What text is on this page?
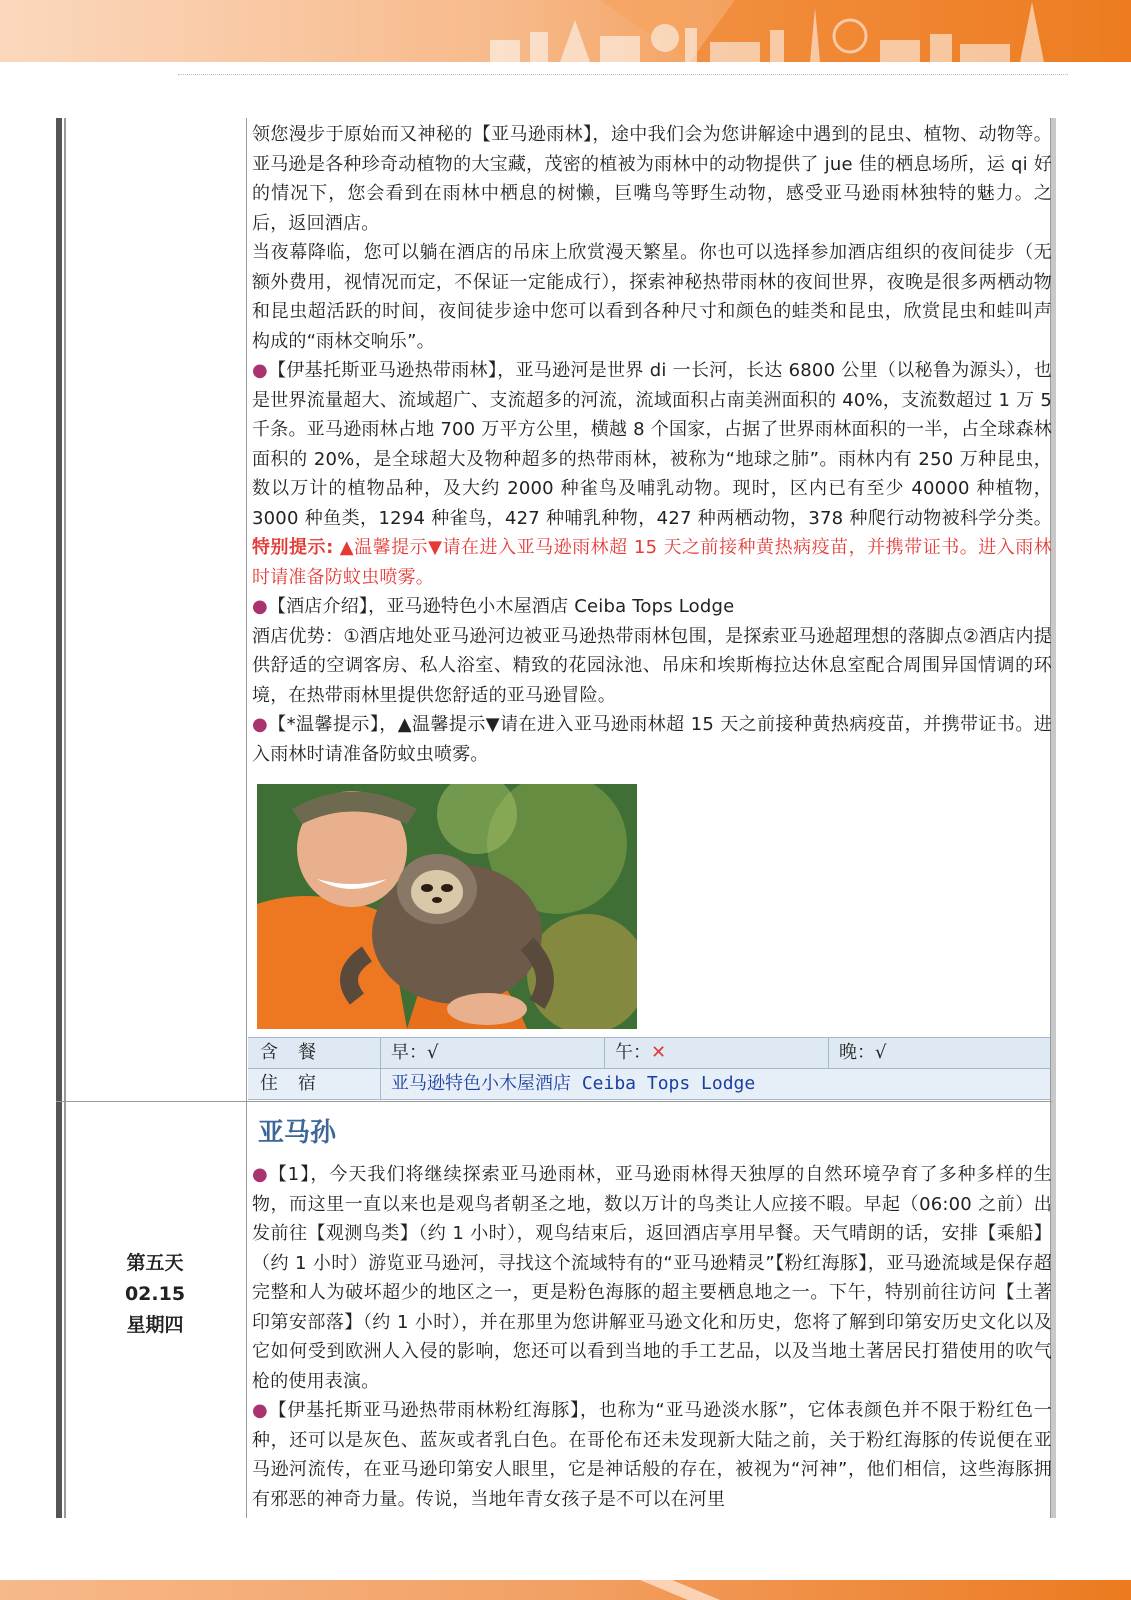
领您漫步于原始而又神秘的【亚马逊雨林】，途中我们会为您讲解途中遇到的昆虫、植物、动物等。亚马逊是各种珍奇动植物的大宝藏，茂密的植被为雨林中的动物提供了 jue 佳的栖息场所，运 qi 好的情况下，您会看到在雨林中栖息的树懒，巨嘴鸟等野生动物，感受亚马逊雨林独特的魅力。之后，返回酒店。

当夜幕降临，您可以躺在酒店的吊床上欣赏漫天繁星。你也可以选择参加酒店组织的夜间徒步（无额外费用，视情况而定，不保证一定能成行），探索神秘热带雨林的夜间世界，夜晚是很多两栖动物和昆虫超活跃的时间，夜间徒步途中您可以看到各种尺寸和颜色的蛙类和昆虫，欣赏昆虫和蛙叫声构成的“雨林交响乐”。

●【伊基托斯亚马逊热带雨林】，亚马逊河是世界 di 一长河，长达 6800 公里（以秘鲁为源头），也是世界流量超大、流域超广、支流超多的河流，流域面积占南美洲面积的 40%，支流数超过 1 万 5 千条。亚马逊雨林占地 700 万平方公里，横越 8 个国家，占据了世界雨林面积的一半，占全球森林面积的 20%，是全球超大及物种超多的热带雨林，被称为“地球之肺”。雨林内有 250 万种昆虫，数以万计的植物品种，及大约 2000 种雀鸟及哺乳动物。现时，区内已有至少 40000 种植物，3000 种鱼类，1294 种雀鸟，427 种哺乳种物，427 种两栖动物，378 种爬行动物被科学分类。特别提示: ▲温馨提示▼请在进入亚马逊雨林超 15 天之前接种黄热病疫苗，并携带证书。进入雨林时请准备防蚊虫喷雾。

●【酒店介绍】，亚马逊特色小木屋酒店 Ceiba Tops Lodge

酒店优势：①酒店地处亚马逊河边被亚马逊热带雨林包围，是探索亚马逊超理想的落脚点②酒店内提供舒适的空调客房、私人浴室、精致的花园泳池、吊床和埃斯梅拉达休息室配合周围异国情调的环境，在热带雨林里提供您舒适的亚马逊冒险。

●【*温馨提示】，▲温馨提示▼请在进入亚马逊雨林超 15 天之前接种黄热病疫苗，并携带证书。进入雨林时请准备防蚊虫喷雾。

含餐	早：√	午：✕	晚：√
住宿	亚马逊特色小木屋酒店 Ceiba Tops Lodge
第五天
02.15
星期四
亚马孙

●【1】，今天我们将继续探索亚马逊雨林，亚马逊雨林得天独厚的自然环境孕育了多种多样的生物，而这里一直以来也是观鸟者朝圣之地，数以万计的鸟类让人应接不暇。早起（06:00 之前）出发前往【观测鸟类】（约 1 小时），观鸟结束后，返回酒店享用早餐。天气晴朗的话，安排【乘船】（约 1 小时）游览亚马逊河，寻找这个流域特有的“亚马逊精灵”【粉红海豚】，亚马逊流域是保存超完整和人为破坏超少的地区之一，更是粉色海豚的超主要栖息地之一。下午，特别前往访问【土著印第安部落】（约 1 小时），并在那里为您讲解亚马逊文化和历史，您将了解到印第安历史文化以及它如何受到欧洲人入侵的影响，您还可以看到当地的手工艺品，以及当地土著居民打猎使用的吹气枪的使用表演。

●【伊基托斯亚马逊热带雨林粉红海豚】，也称为“亚马逊淡水豚”，它体表颜色并不限于粉红色一种，还可以是灰色、蓝灰或者乳白色。在哥伦布还未发现新大陆之前，关于粉红海豚的传说便在亚马逊河流传，在亚马逊印第安人眼里，它是神话般的存在，被视为“河神”，他们相信，这些海豚拥有邪恶的神奇力量。传说，当地年青女孩子是不可以在河里
